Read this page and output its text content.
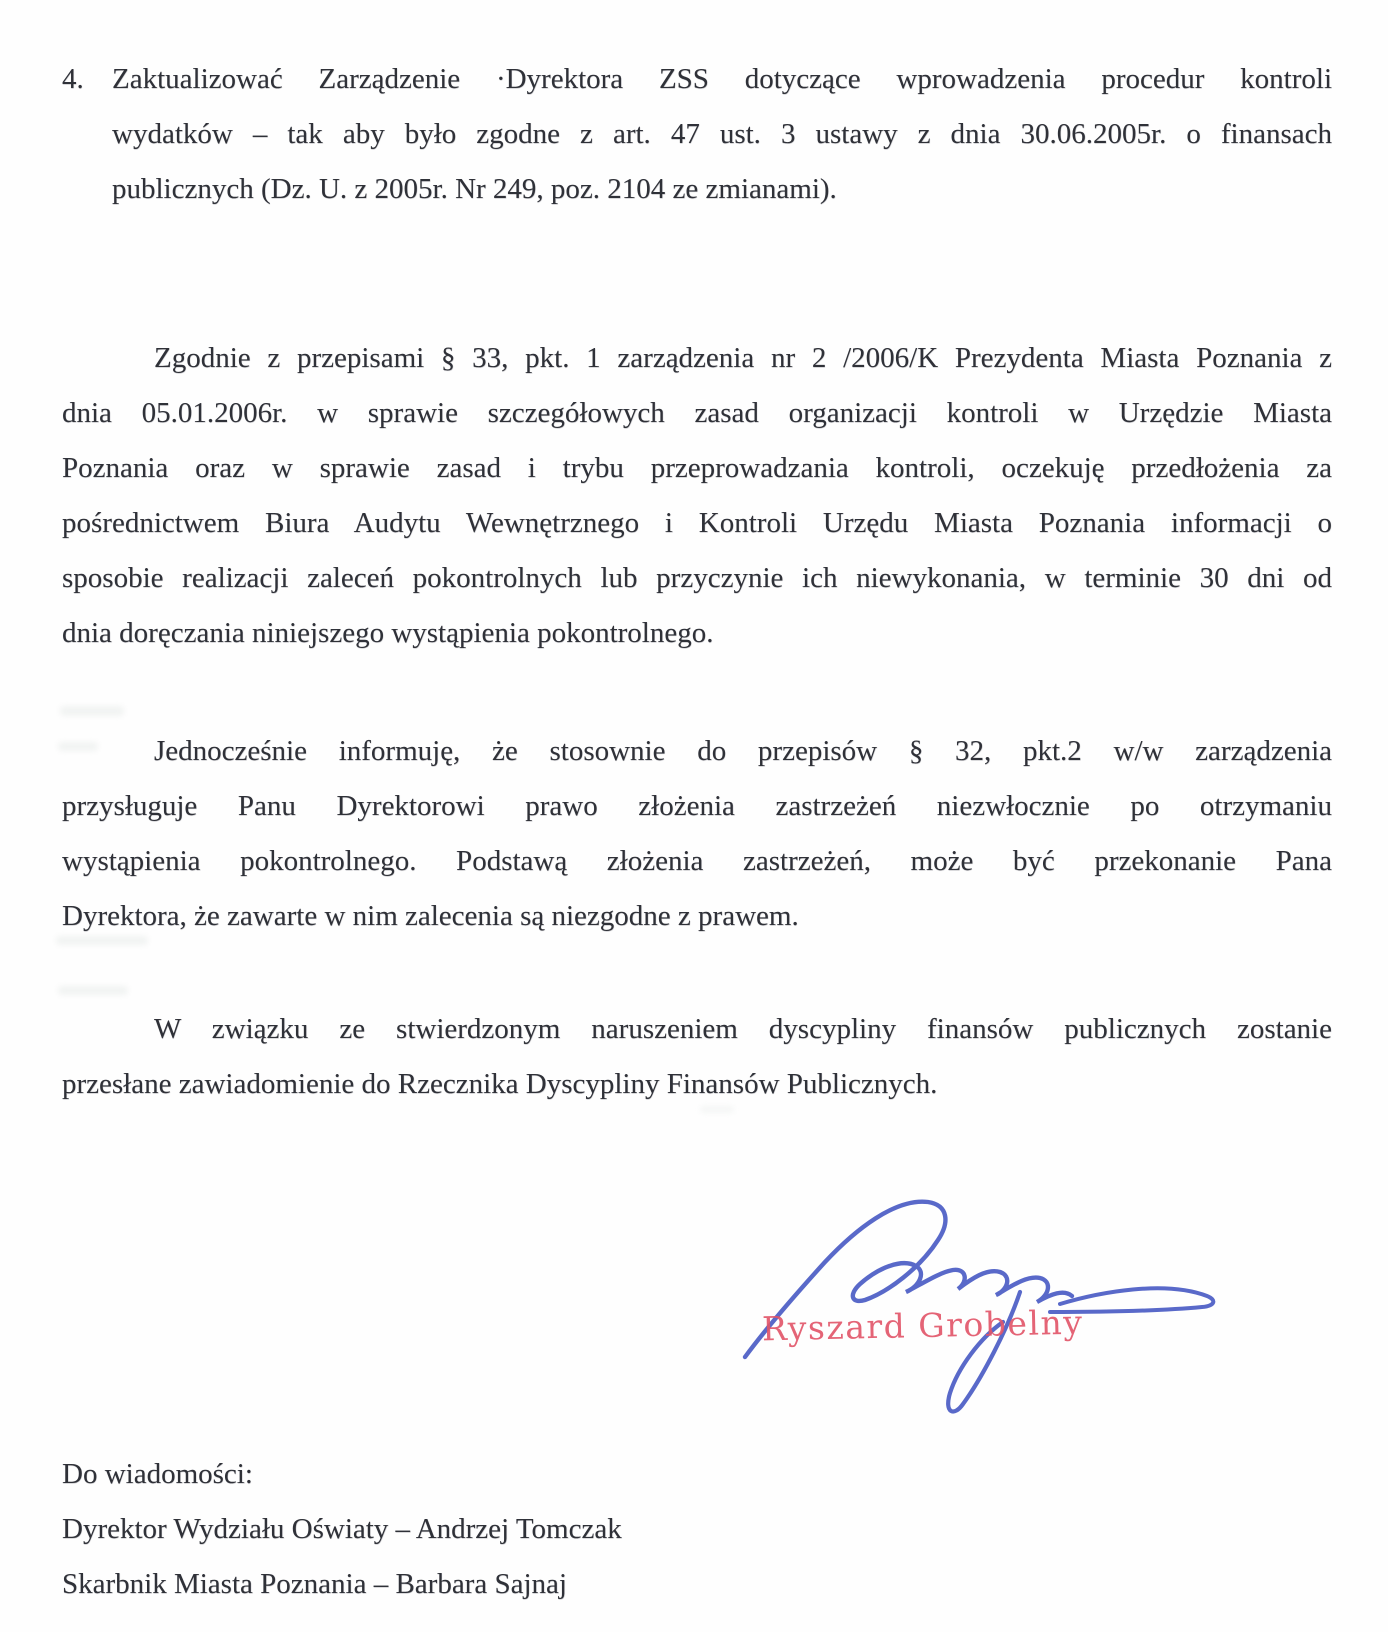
4. Zaktualizować Zarządzenie ·Dyrektora ZSS dotyczące wprowadzenia procedur kontroli
wydatków – tak aby było zgodne z art. 47 ust. 3 ustawy z dnia 30.06.2005r. o finansach
publicznych (Dz. U. z 2005r. Nr 249, poz. 2104 ze zmianami).
Zgodnie z przepisami § 33, pkt. 1 zarządzenia nr 2 /2006/K Prezydenta Miasta Poznania z
dnia 05.01.2006r. w sprawie szczegółowych zasad organizacji kontroli w Urzędzie Miasta
Poznania oraz w sprawie zasad i trybu przeprowadzania kontroli, oczekuję przedłożenia za
pośrednictwem Biura Audytu Wewnętrznego i Kontroli Urzędu Miasta Poznania informacji o
sposobie realizacji zaleceń pokontrolnych lub przyczynie ich niewykonania, w terminie 30 dni od
dnia doręczania niniejszego wystąpienia pokontrolnego.
Jednocześnie informuję, że stosownie do przepisów § 32, pkt.2 w/w zarządzenia
przysługuje Panu Dyrektorowi prawo złożenia zastrzeżeń niezwłocznie po otrzymaniu
wystąpienia pokontrolnego. Podstawą złożenia zastrzeżeń, może być przekonanie Pana
Dyrektora, że zawarte w nim zalecenia są niezgodne z prawem.
W związku ze stwierdzonym naruszeniem dyscypliny finansów publicznych zostanie
przesłane zawiadomienie do Rzecznika Dyscypliny Finansów Publicznych.
Do wiadomości:
Dyrektor Wydziału Oświaty – Andrzej Tomczak
Skarbnik Miasta Poznania – Barbara Sajnaj
Ryszard Grobelny
